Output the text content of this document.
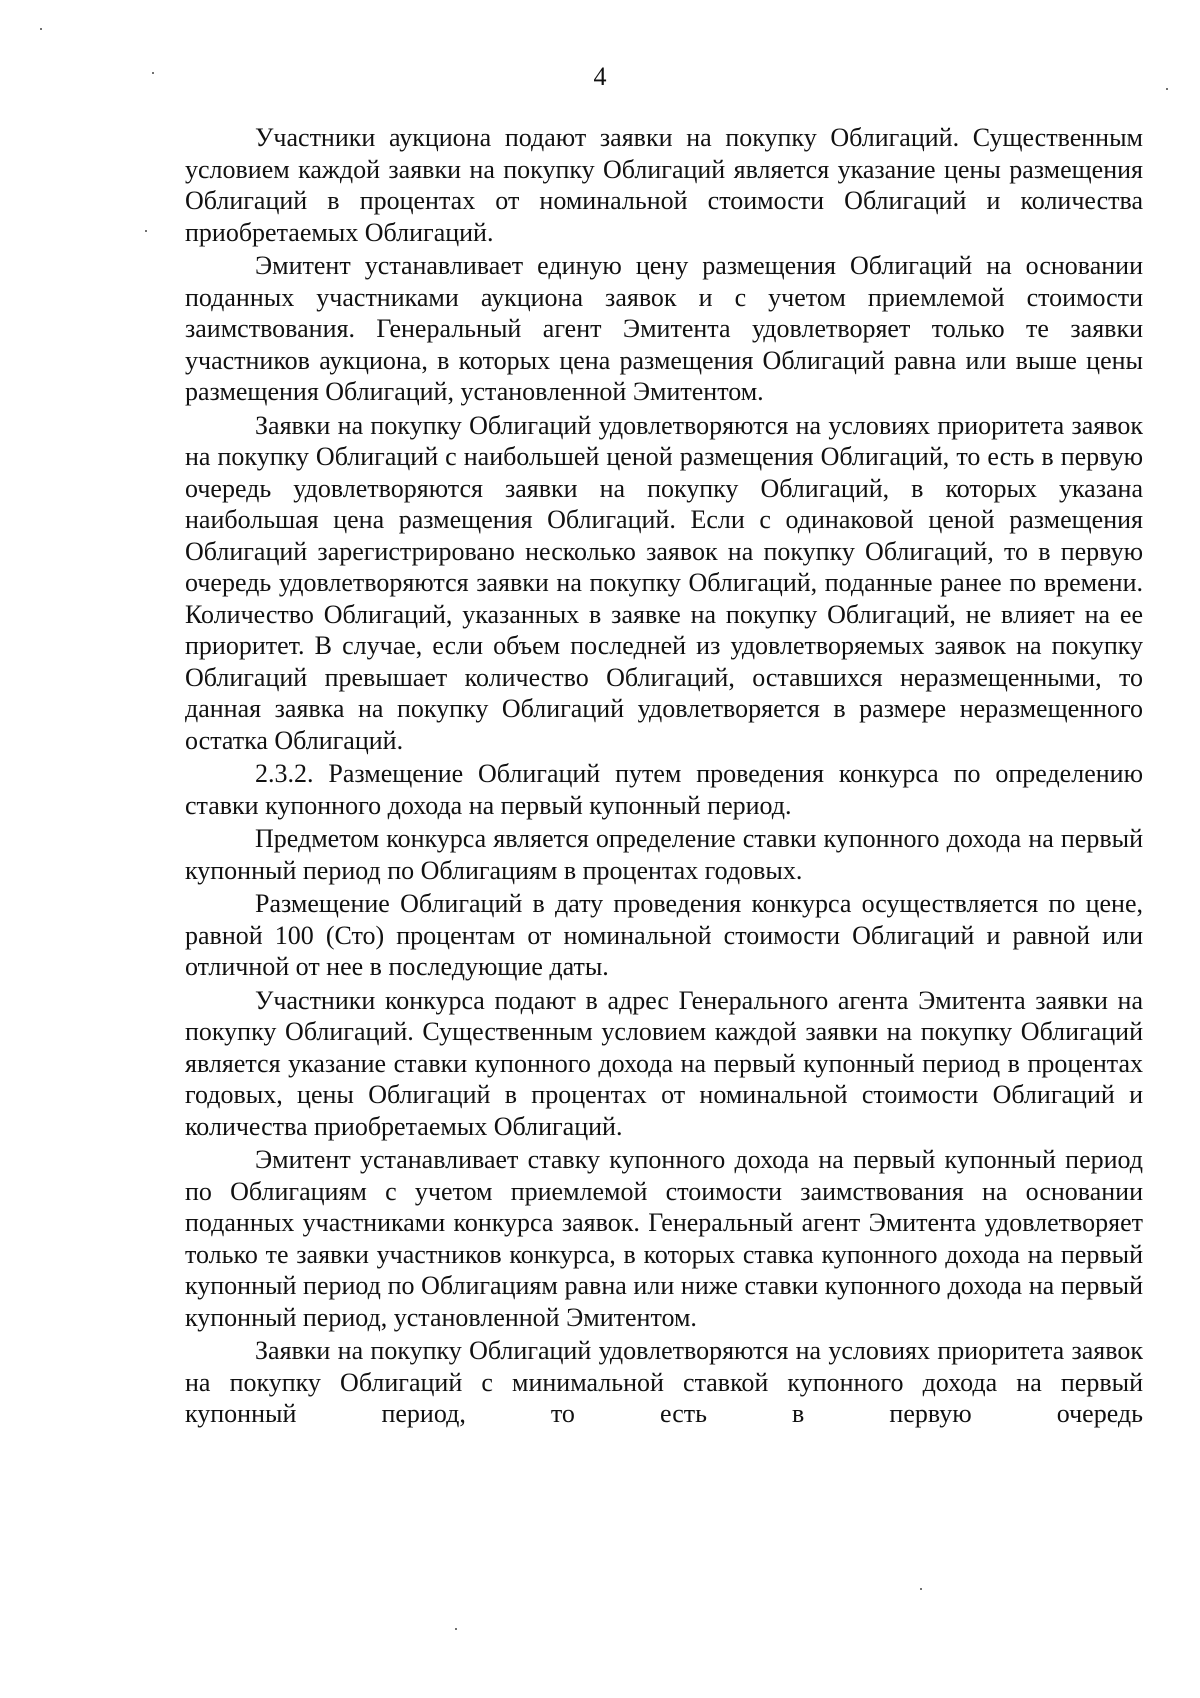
4

Участники аукциона подают заявки на покупку Облигаций. Существенным условием каждой заявки на покупку Облигаций является указание цены размещения Облигаций в процентах от номинальной стоимости Облигаций и количества приобретаемых Облигаций.

Эмитент устанавливает единую цену размещения Облигаций на основании поданных участниками аукциона заявок и с учетом приемлемой стоимости заимствования. Генеральный агент Эмитента удовлетворяет только те заявки участников аукциона, в которых цена размещения Облигаций равна или выше цены размещения Облигаций, установленной Эмитентом.

Заявки на покупку Облигаций удовлетворяются на условиях приоритета заявок на покупку Облигаций с наибольшей ценой размещения Облигаций, то есть в первую очередь удовлетворяются заявки на покупку Облигаций, в которых указана наибольшая цена размещения Облигаций. Если с одинаковой ценой размещения Облигаций зарегистрировано несколько заявок на покупку Облигаций, то в первую очередь удовлетворяются заявки на покупку Облигаций, поданные ранее по времени. Количество Облигаций, указанных в заявке на покупку Облигаций, не влияет на ее приоритет. В случае, если объем последней из удовлетворяемых заявок на покупку Облигаций превышает количество Облигаций, оставшихся неразмещенными, то данная заявка на покупку Облигаций удовлетворяется в размере неразмещенного остатка Облигаций.

2.3.2. Размещение Облигаций путем проведения конкурса по определению ставки купонного дохода на первый купонный период.

Предметом конкурса является определение ставки купонного дохода на первый купонный период по Облигациям в процентах годовых.

Размещение Облигаций в дату проведения конкурса осуществляется по цене, равной 100 (Сто) процентам от номинальной стоимости Облигаций и равной или отличной от нее в последующие даты.

Участники конкурса подают в адрес Генерального агента Эмитента заявки на покупку Облигаций. Существенным условием каждой заявки на покупку Облигаций является указание ставки купонного дохода на первый купонный период в процентах годовых, цены Облигаций в процентах от номинальной стоимости Облигаций и количества приобретаемых Облигаций.

Эмитент устанавливает ставку купонного дохода на первый купонный период по Облигациям с учетом приемлемой стоимости заимствования на основании поданных участниками конкурса заявок. Генеральный агент Эмитента удовлетворяет только те заявки участников конкурса, в которых ставка купонного дохода на первый купонный период по Облигациям равна или ниже ставки купонного дохода на первый купонный период, установленной Эмитентом.

Заявки на покупку Облигаций удовлетворяются на условиях приоритета заявок на покупку Облигаций с минимальной ставкой купонного дохода на первый купонный период, то есть в первую очередь
